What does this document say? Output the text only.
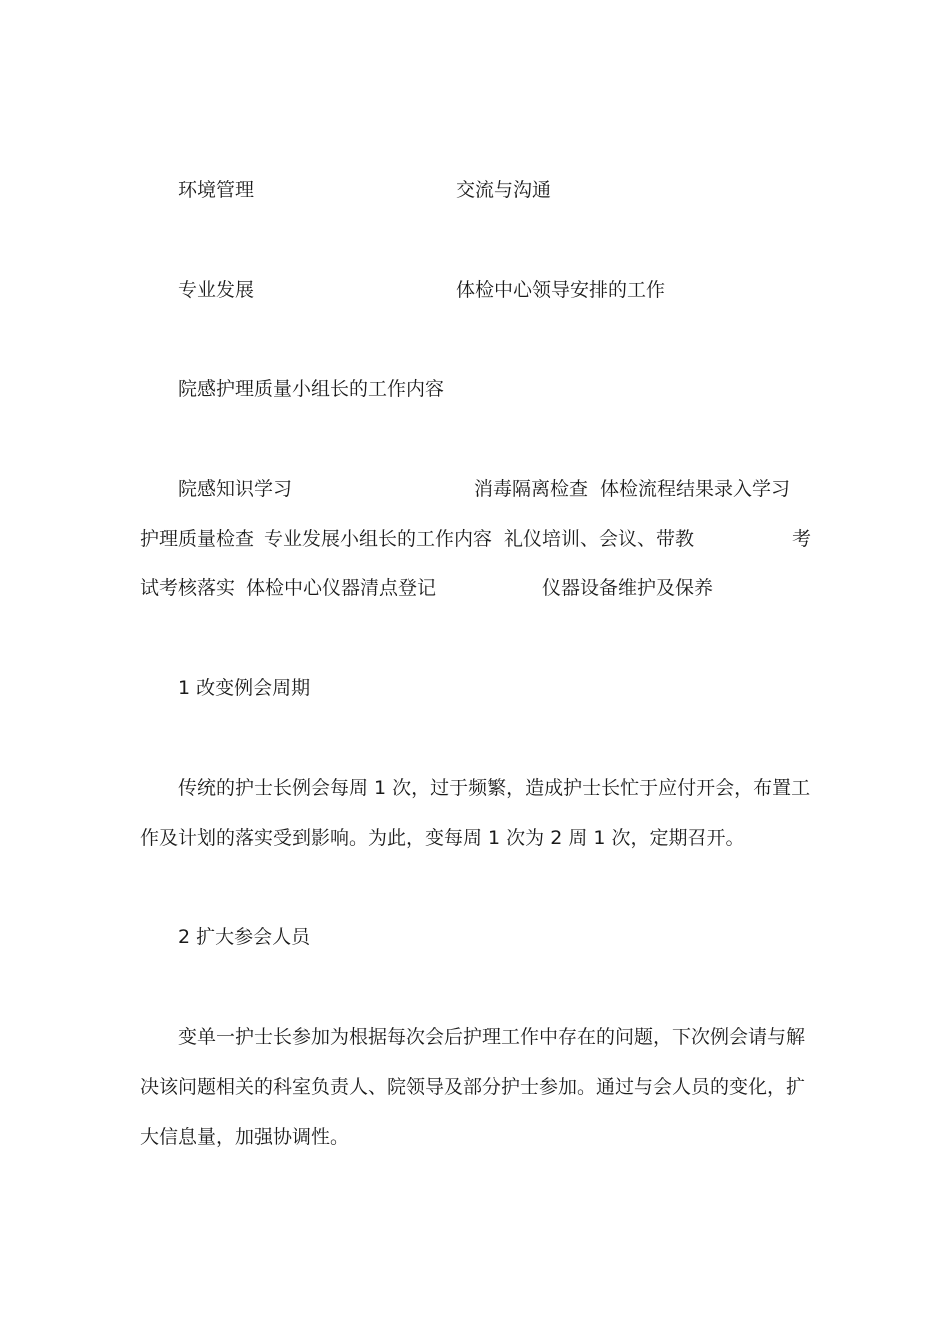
环境管理	交流与沟通

专业发展	体检中心领导安排的工作

院感护理质量小组长的工作内容

院感知识学习	消毒隔离检查 体检流程结果录入学习

护理质量检查 专业发展小组长的工作内容 礼仪培训、会议、带教	考

试考核落实 体检中心仪器清点登记	仪器设备维护及保养

1 改变例会周期

传统的护士长例会每周 1 次，过于频繁，造成护士长忙于应付开会，布置工
作及计划的落实受到影响。为此，变每周 1 次为 2 周 1 次，定期召开。

2 扩大参会人员

变单一护士长参加为根据每次会后护理工作中存在的问题，下次例会请与解
决该问题相关的科室负责人、院领导及部分护士参加。通过与会人员的变化，扩
大信息量，加强协调性。
